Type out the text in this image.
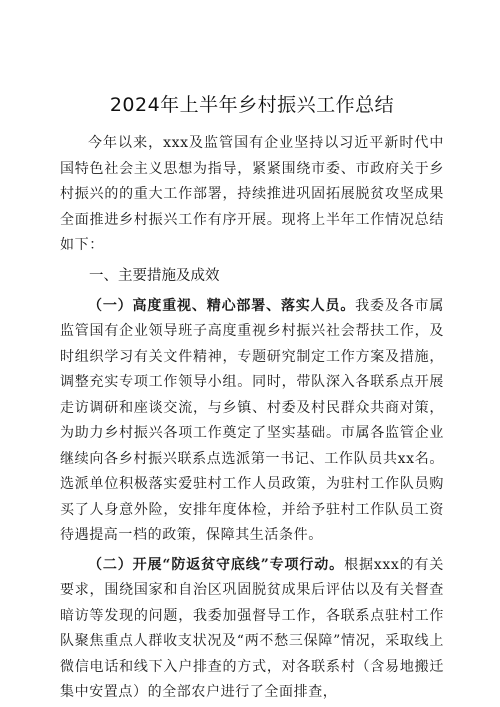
2024年上半年乡村振兴工作总结

今年以来，xxx及监管国有企业坚持以习近平新时代中国特色社会主义思想为指导，紧紧围绕市委、市政府关于乡村振兴的的重大工作部署，持续推进巩固拓展脱贫攻坚成果全面推进乡村振兴工作有序开展。现将上半年工作情况总结如下：

一、主要措施及成效

（一）高度重视、精心部署、落实人员。我委及各市属监管国有企业领导班子高度重视乡村振兴社会帮扶工作，及时组织学习有关文件精神，专题研究制定工作方案及措施，调整充实专项工作领导小组。同时，带队深入各联系点开展走访调研和座谈交流，与乡镇、村委及村民群众共商对策，为助力乡村振兴各项工作奠定了坚实基础。市属各监管企业继续向各乡村振兴联系点选派第一书记、工作队员共xx名。选派单位积极落实爱驻村工作人员政策，为驻村工作队员购买了人身意外险，安排年度体检，并给予驻村工作队员工资待遇提高一档的政策，保障其生活条件。

（二）开展“防返贫守底线”专项行动。根据xxx的有关要求，围绕国家和自治区巩固脱贫成果后评估以及有关督查暗访等发现的问题，我委加强督导工作，各联系点驻村工作队聚焦重点人群收支状况及“两不愁三保障”情况，采取线上微信电话和线下入户排查的方式，对各联系村（含易地搬迁集中安置点）的全部农户进行了全面排查，
